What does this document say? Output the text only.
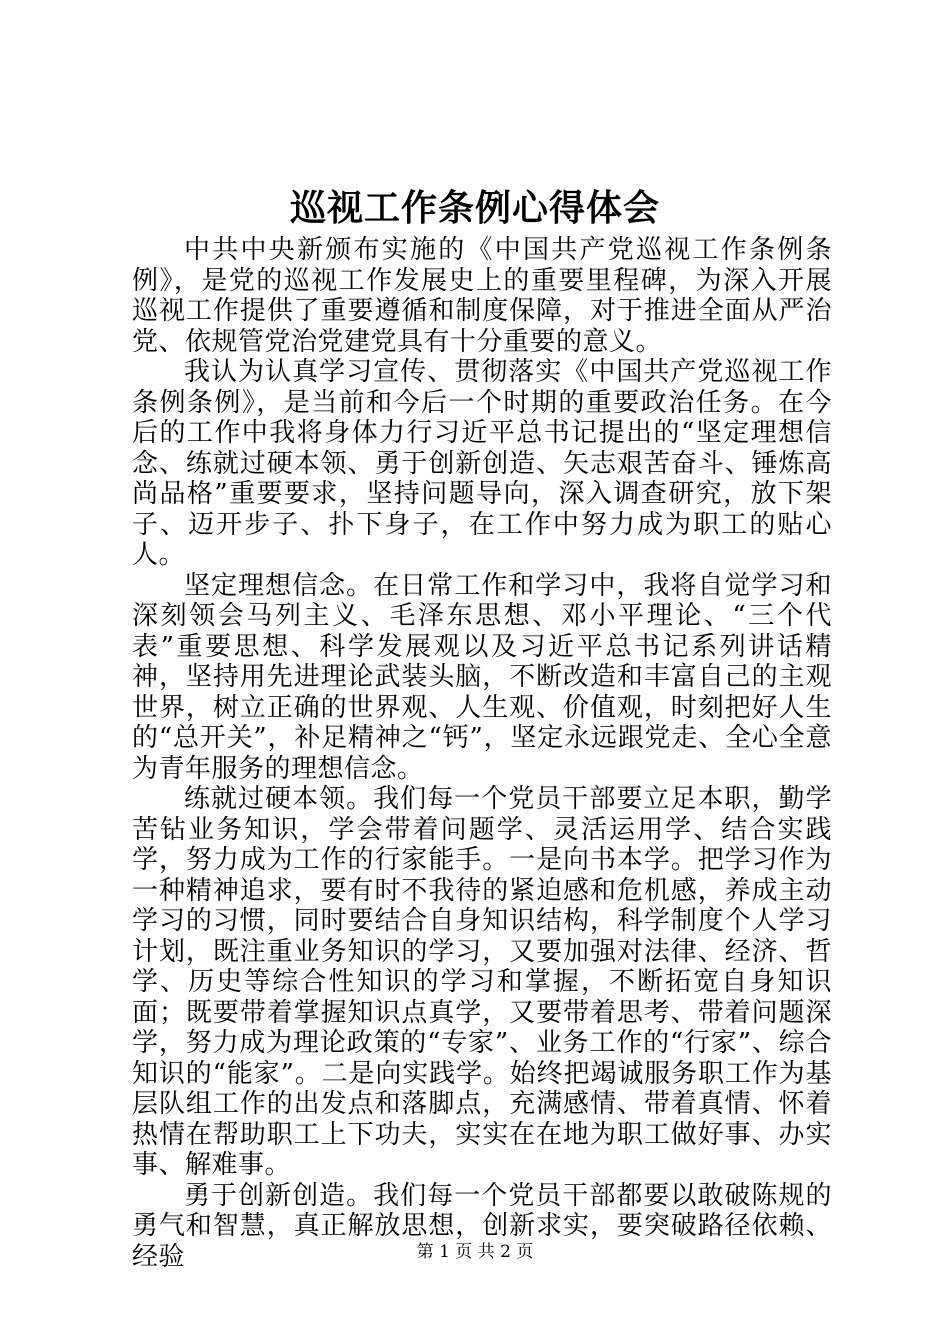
巡视工作条例心得体会

中共中央新颁布实施的《中国共产党巡视工作条例条例》，是党的巡视工作发展史上的重要里程碑，为深入开展巡视工作提供了重要遵循和制度保障，对于推进全面从严治党、依规管党治党建党具有十分重要的意义。

我认为认真学习宣传、贯彻落实《中国共产党巡视工作条例条例》，是当前和今后一个时期的重要政治任务。在今后的工作中我将身体力行习近平总书记提出的“坚定理想信念、练就过硬本领、勇于创新创造、矢志艰苦奋斗、锤炼高尚品格”重要要求，坚持问题导向，深入调查研究，放下架子、迈开步子、扑下身子，在工作中努力成为职工的贴心人。

坚定理想信念。在日常工作和学习中，我将自觉学习和深刻领会马列主义、毛泽东思想、邓小平理论、“三个代表”重要思想、科学发展观以及习近平总书记系列讲话精神，坚持用先进理论武装头脑，不断改造和丰富自己的主观世界，树立正确的世界观、人生观、价值观，时刻把好人生的“总开关”，补足精神之“钙”，坚定永远跟党走、全心全意为青年服务的理想信念。

练就过硬本领。我们每一个党员干部要立足本职，勤学苦钻业务知识，学会带着问题学、灵活运用学、结合实践学，努力成为工作的行家能手。一是向书本学。把学习作为一种精神追求，要有时不我待的紧迫感和危机感，养成主动学习的习惯，同时要结合自身知识结构，科学制度个人学习计划，既注重业务知识的学习，又要加强对法律、经济、哲学、历史等综合性知识的学习和掌握，不断拓宽自身知识面；既要带着掌握知识点真学，又要带着思考、带着问题深学，努力成为理论政策的“专家”、业务工作的“行家”、综合知识的“能家”。二是向实践学。始终把竭诚服务职工作为基层队组工作的出发点和落脚点，充满感情、带着真情、怀着热情在帮助职工上下功夫，实实在在地为职工做好事、办实事、解难事。

勇于创新创造。我们每一个党员干部都要以敢破陈规的勇气和智慧，真正解放思想，创新求实，要突破路径依赖、经验	第 1 页 共 2 页
